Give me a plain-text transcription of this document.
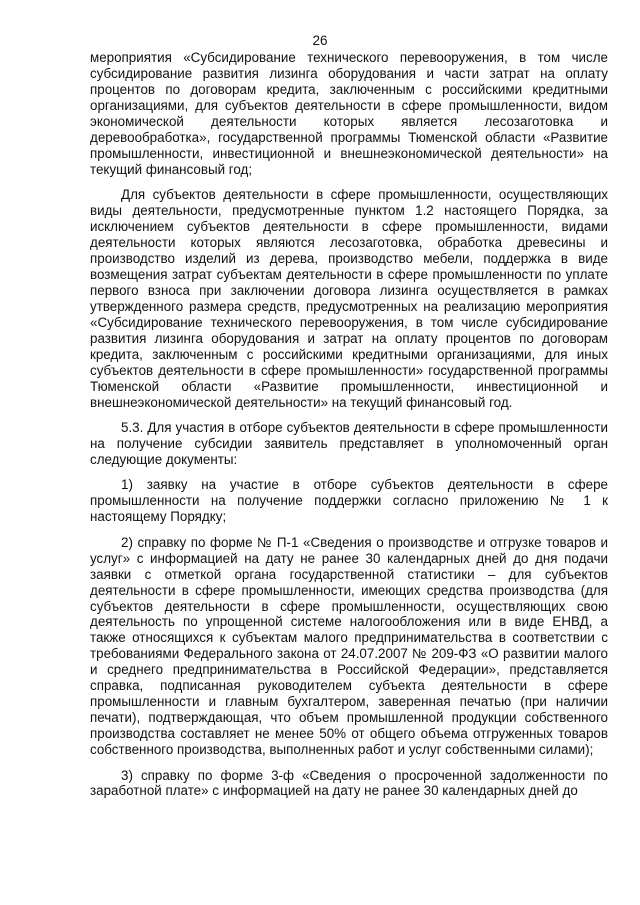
26

мероприятия «Субсидирование технического перевооружения, в том числе субсидирование развития лизинга оборудования и части затрат на оплату процентов по договорам кредита, заключенным с российскими кредитными организациями, для субъектов деятельности в сфере промышленности, видом экономической деятельности которых является лесозаготовка и деревообработка», государственной программы Тюменской области «Развитие промышленности, инвестиционной и внешнеэкономической деятельности» на текущий финансовый год;

Для субъектов деятельности в сфере промышленности, осуществляющих виды деятельности, предусмотренные пунктом 1.2 настоящего Порядка, за исключением субъектов деятельности в сфере промышленности, видами деятельности которых являются лесозаготовка, обработка древесины и производство изделий из дерева, производство мебели, поддержка в виде возмещения затрат субъектам деятельности в сфере промышленности по уплате первого взноса при заключении договора лизинга осуществляется в рамках утвержденного размера средств, предусмотренных на реализацию мероприятия «Субсидирование технического перевооружения, в том числе субсидирование развития лизинга оборудования и затрат на оплату процентов по договорам кредита, заключенным с российскими кредитными организациями, для иных субъектов деятельности в сфере промышленности» государственной программы Тюменской области «Развитие промышленности, инвестиционной и внешнеэкономической деятельности» на текущий финансовый год.

5.3. Для участия в отборе субъектов деятельности в сфере промышленности на получение субсидии заявитель представляет в уполномоченный орган следующие документы:

1) заявку на участие в отборе субъектов деятельности в сфере промышленности на получение поддержки согласно приложению № 1 к настоящему Порядку;

2) справку по форме № П-1 «Сведения о производстве и отгрузке товаров и услуг» с информацией на дату не ранее 30 календарных дней до дня подачи заявки с отметкой органа государственной статистики – для субъектов деятельности в сфере промышленности, имеющих средства производства (для субъектов деятельности в сфере промышленности, осуществляющих свою деятельность по упрощенной системе налогообложения или в виде ЕНВД, а также относящихся к субъектам малого предпринимательства в соответствии с требованиями Федерального закона от 24.07.2007 № 209-ФЗ «О развитии малого и среднего предпринимательства в Российской Федерации», представляется справка, подписанная руководителем субъекта деятельности в сфере промышленности и главным бухгалтером, заверенная печатью (при наличии печати), подтверждающая, что объем промышленной продукции собственного производства составляет не менее 50% от общего объема отгруженных товаров собственного производства, выполненных работ и услуг собственными силами);

3) справку по форме 3-ф «Сведения о просроченной задолженности по заработной плате» с информацией на дату не ранее 30 календарных дней до
